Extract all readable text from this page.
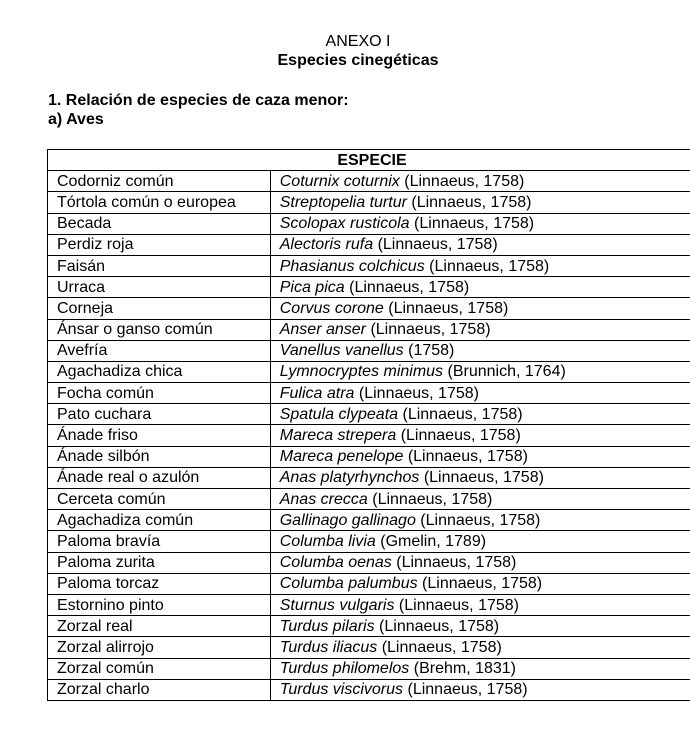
ANEXO I
Especies cinegéticas
1. Relación de especies de caza menor:
a) Aves
ESPECIE	
Codorniz común	Coturnix coturnix (Linnaeus, 1758)
Tórtola común o europea	Streptopelia turtur (Linnaeus, 1758)
Becada	Scolopax rusticola (Linnaeus, 1758)
Perdiz roja	Alectoris rufa (Linnaeus, 1758)
Faisán	Phasianus colchicus (Linnaeus, 1758)
Urraca	Pica pica (Linnaeus, 1758)
Corneja	Corvus corone (Linnaeus, 1758)
Ánsar o ganso común	Anser anser (Linnaeus, 1758)
Avefría	Vanellus vanellus (1758)
Agachadiza chica	Lymnocryptes minimus (Brunnich, 1764)
Focha común	Fulica atra (Linnaeus, 1758)
Pato cuchara	Spatula clypeata (Linnaeus, 1758)
Ánade friso	Mareca strepera (Linnaeus, 1758)
Ánade silbón	Mareca penelope (Linnaeus, 1758)
Ánade real o azulón	Anas platyrhynchos (Linnaeus, 1758)
Cerceta común	Anas crecca (Linnaeus, 1758)
Agachadiza común	Gallinago gallinago (Linnaeus, 1758)
Paloma bravía	Columba livia (Gmelin, 1789)
Paloma zurita	Columba oenas (Linnaeus, 1758)
Paloma torcaz	Columba palumbus (Linnaeus, 1758)
Estornino pinto	Sturnus vulgaris (Linnaeus, 1758)
Zorzal real	Turdus pilaris (Linnaeus, 1758)
Zorzal alirrojo	Turdus iliacus (Linnaeus, 1758)
Zorzal común	Turdus philomelos (Brehm, 1831)
Zorzal charlo	Turdus viscivorus (Linnaeus, 1758)
